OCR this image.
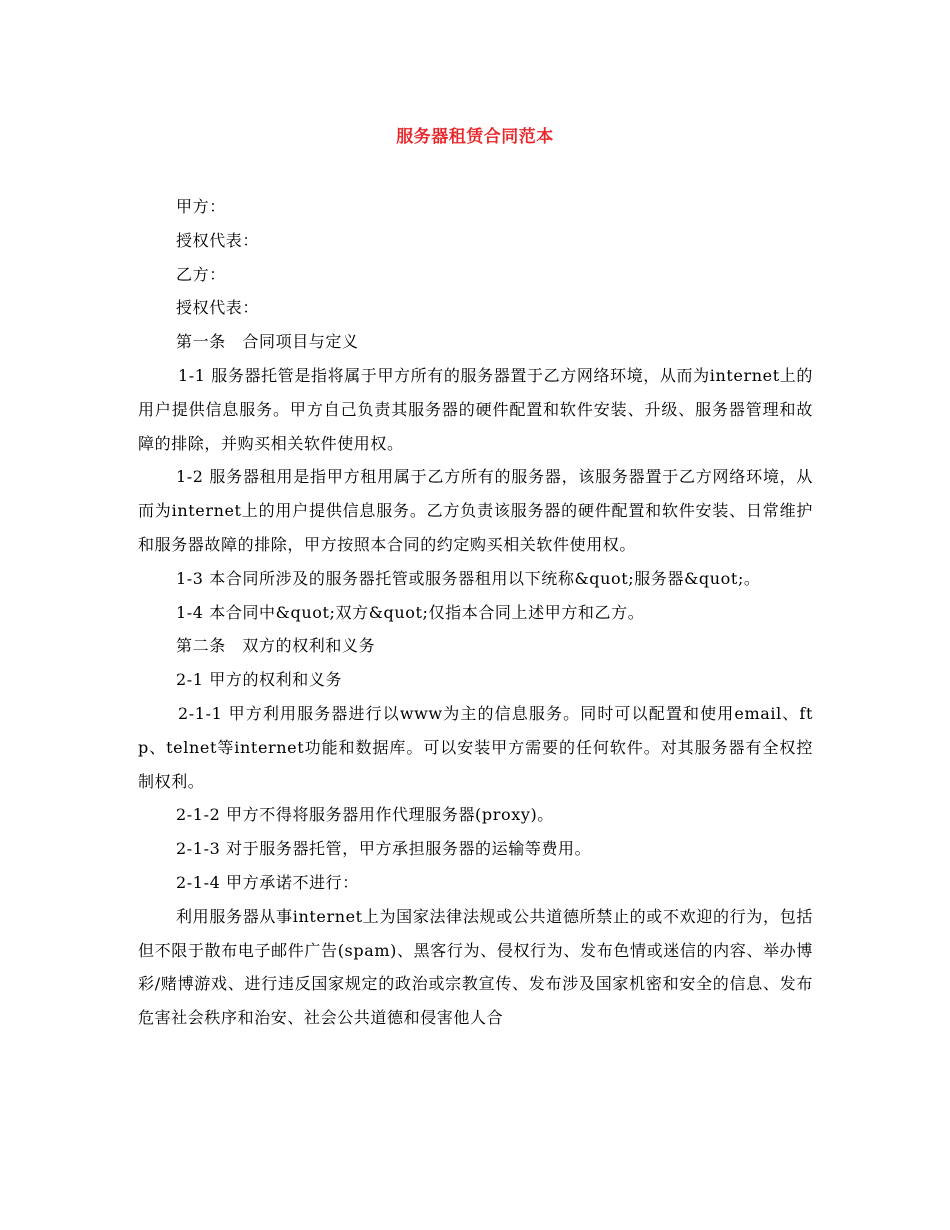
服务器租赁合同范本

甲方：

授权代表：

乙方：

授权代表：

第一条　合同项目与定义

1-1 服务器托管是指将属于甲方所有的服务器置于乙方网络环境，从而为internet上的用户提供信息服务。甲方自己负责其服务器的硬件配置和软件安装、升级、服务器管理和故障的排除，并购买相关软件使用权。

1-2 服务器租用是指甲方租用属于乙方所有的服务器，该服务器置于乙方网络环境，从而为internet上的用户提供信息服务。乙方负责该服务器的硬件配置和软件安装、日常维护和服务器故障的排除，甲方按照本合同的约定购买相关软件使用权。

1-3 本合同所涉及的服务器托管或服务器租用以下统称&quot;服务器&quot;。

1-4 本合同中&quot;双方&quot;仅指本合同上述甲方和乙方。

第二条　双方的权利和义务

2-1 甲方的权利和义务

2-1-1 甲方利用服务器进行以www为主的信息服务。同时可以配置和使用email、ftp、telnet等internet功能和数据库。可以安装甲方需要的任何软件。对其服务器有全权控制权利。

2-1-2 甲方不得将服务器用作代理服务器(proxy)。

2-1-3 对于服务器托管，甲方承担服务器的运输等费用。

2-1-4 甲方承诺不进行：

利用服务器从事internet上为国家法律法规或公共道德所禁止的或不欢迎的行为，包括但不限于散布电子邮件广告(spam)、黑客行为、侵权行为、发布色情或迷信的内容、举办博彩/赌博游戏、进行违反国家规定的政治或宗教宣传、发布涉及国家机密和安全的信息、发布危害社会秩序和治安、社会公共道德和侵害他人合
